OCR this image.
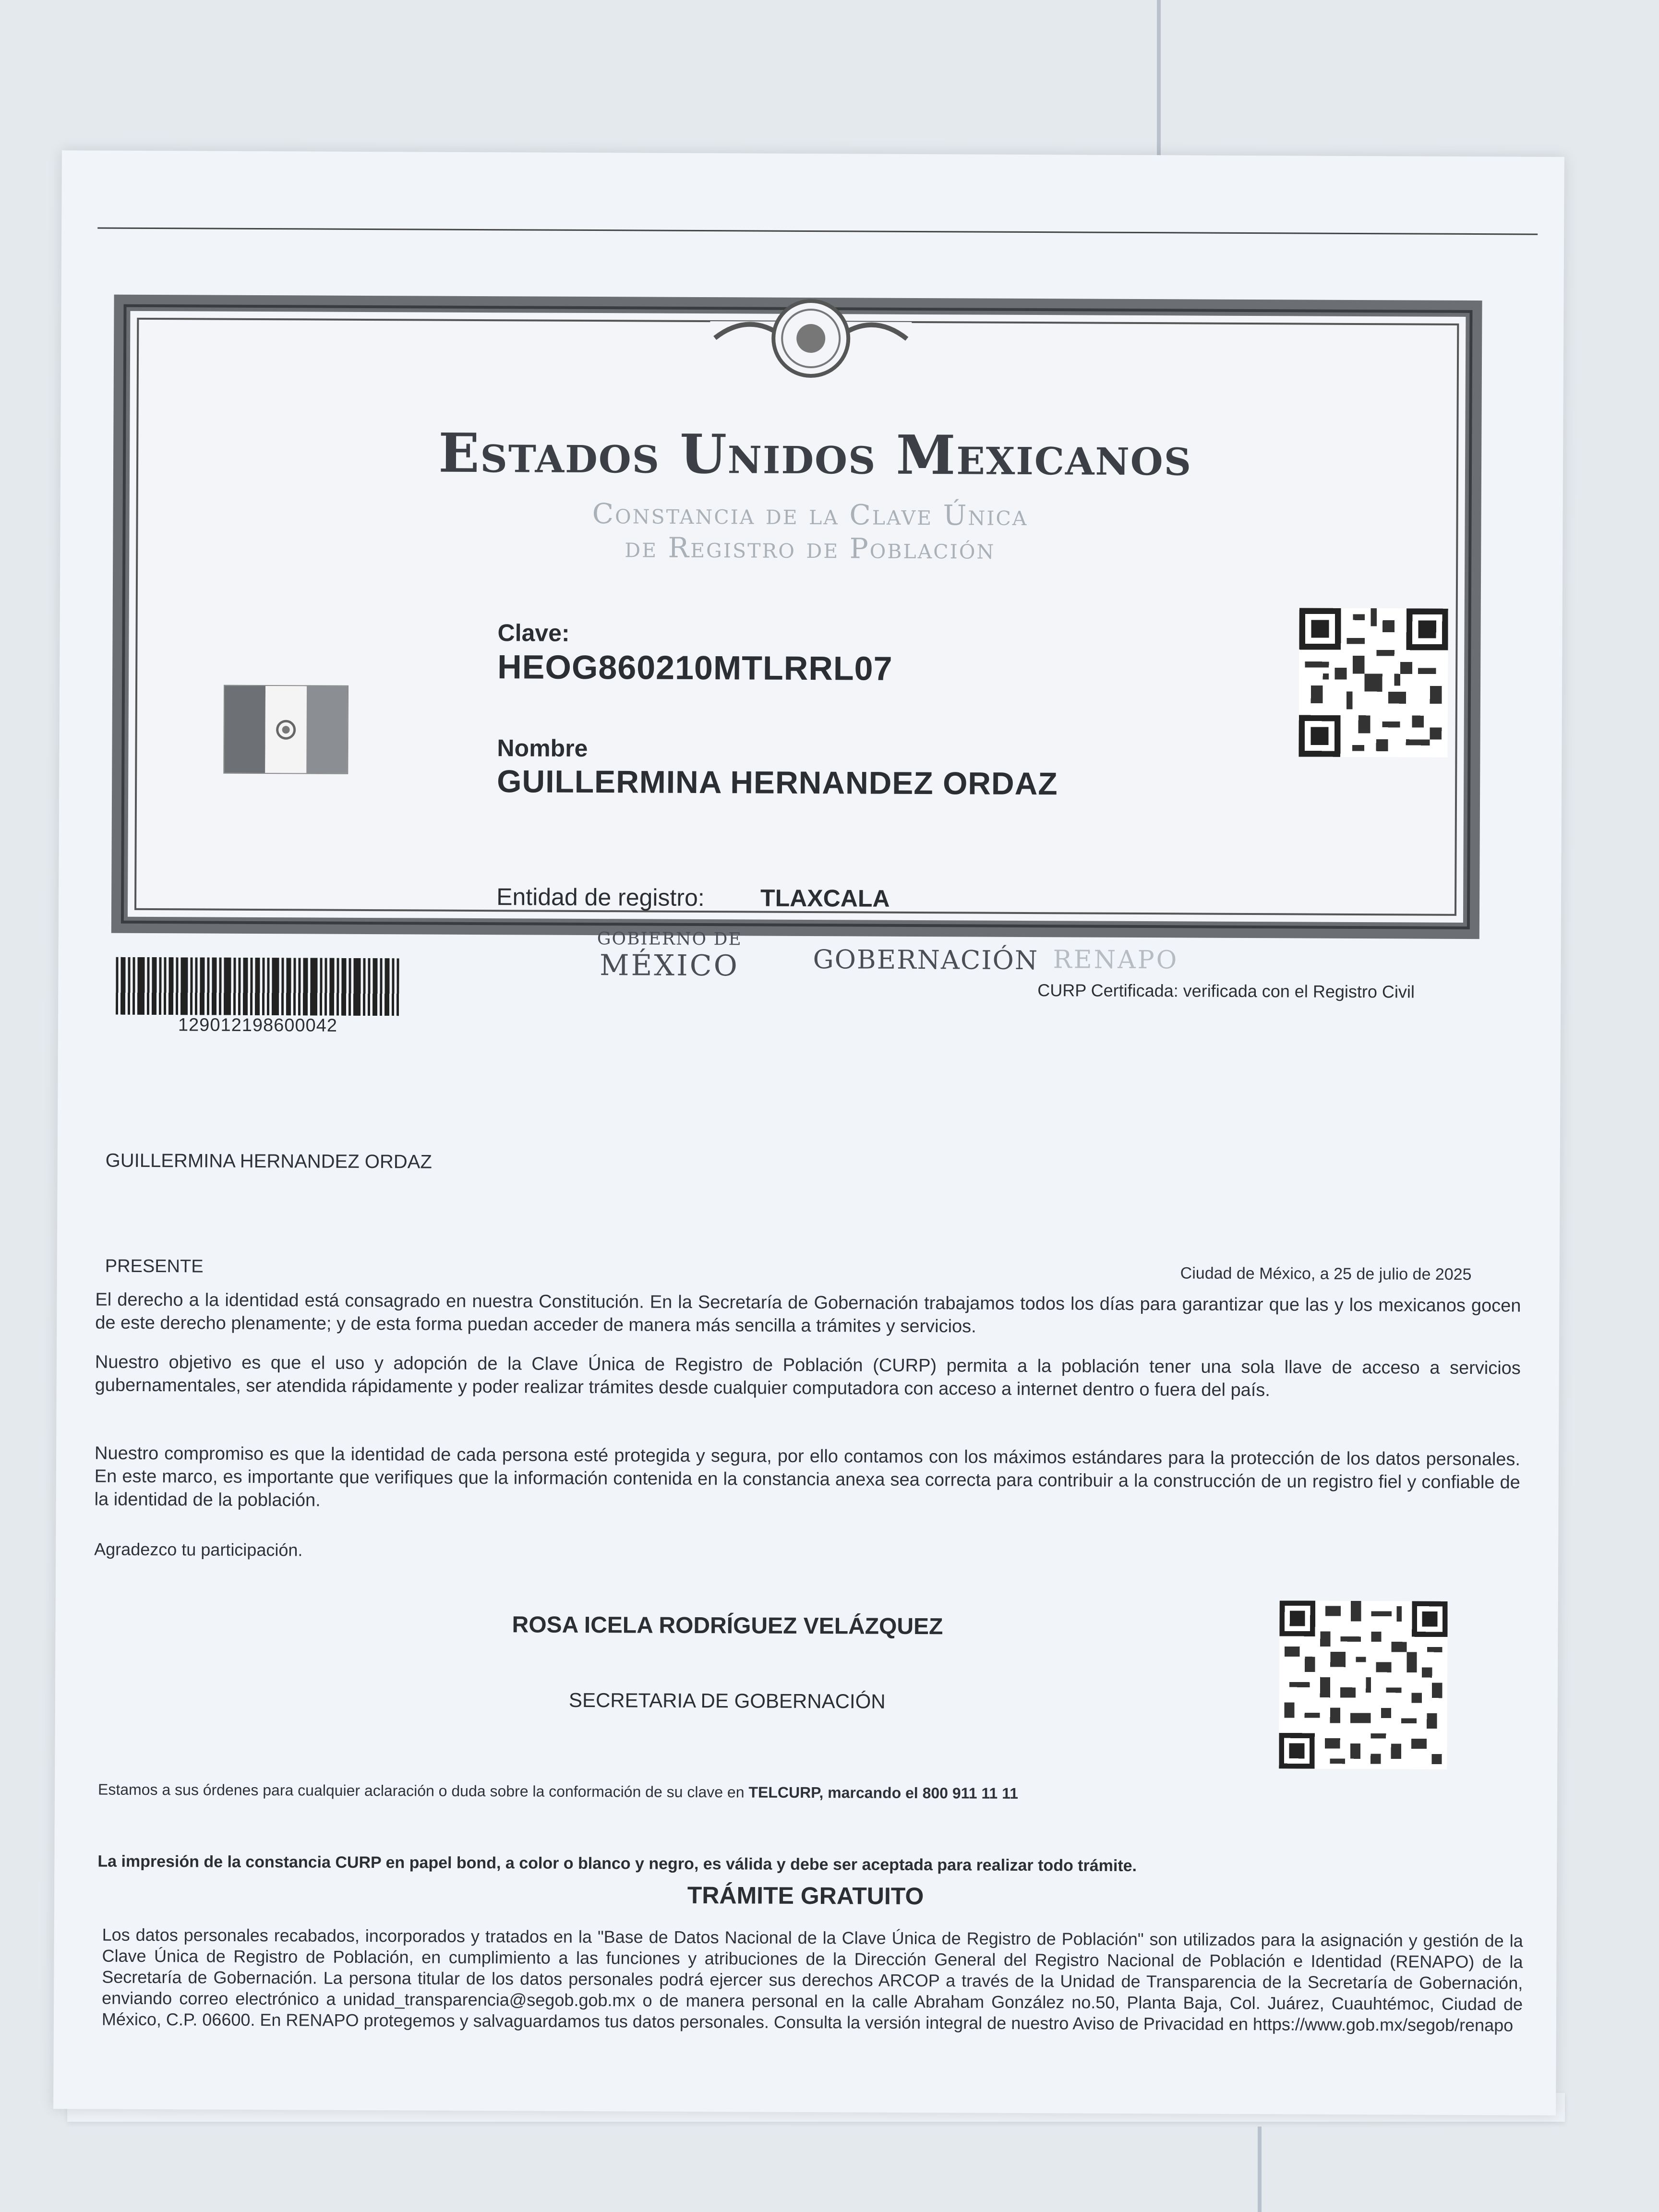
Estados Unidos Mexicanos
Constancia de la Clave Única
de Registro de Población
Clave:
HEOG860210MTLRRL07
Nombre
GUILLERMINA HERNANDEZ ORDAZ
Entidad de registro: TLAXCALA
GOBIERNO DE
MÉXICO	GOBERNACIÓN RENAPO
129012198600042
CURP Certificada: verificada con el Registro Civil
GUILLERMINA HERNANDEZ ORDAZ
PRESENTE	Ciudad de México, a 25 de julio de 2025
El derecho a la identidad está consagrado en nuestra Constitución. En la Secretaría de Gobernación trabajamos todos los días para garantizar que las y los mexicanos gocen de este derecho plenamente; y de esta forma puedan acceder de manera más sencilla a trámites y servicios.
Nuestro objetivo es que el uso y adopción de la Clave Única de Registro de Población (CURP) permita a la población tener una sola llave de acceso a servicios gubernamentales, ser atendida rápidamente y poder realizar trámites desde cualquier computadora con acceso a internet dentro o fuera del país.
Nuestro compromiso es que la identidad de cada persona esté protegida y segura, por ello contamos con los máximos estándares para la protección de los datos personales. En este marco, es importante que verifiques que la información contenida en la constancia anexa sea correcta para contribuir a la construcción de un registro fiel y confiable de la identidad de la población.
Agradezco tu participación.
ROSA ICELA RODRÍGUEZ VELÁZQUEZ
SECRETARIA DE GOBERNACIÓN
Estamos a sus órdenes para cualquier aclaración o duda sobre la conformación de su clave en TELCURP, marcando el 800 911 11 11
La impresión de la constancia CURP en papel bond, a color o blanco y negro, es válida y debe ser aceptada para realizar todo trámite.
TRÁMITE GRATUITO
Los datos personales recabados, incorporados y tratados en la "Base de Datos Nacional de la Clave Única de Registro de Población" son utilizados para la asignación y gestión de la Clave Única de Registro de Población, en cumplimiento a las funciones y atribuciones de la Dirección General del Registro Nacional de Población e Identidad (RENAPO) de la Secretaría de Gobernación. La persona titular de los datos personales podrá ejercer sus derechos ARCOP a través de la Unidad de Transparencia de la Secretaría de Gobernación, enviando correo electrónico a unidad_transparencia@segob.gob.mx o de manera personal en la calle Abraham González no.50, Planta Baja, Col. Juárez, Cuauhtémoc, Ciudad de México, C.P. 06600. En RENAPO protegemos y salvaguardamos tus datos personales. Consulta la versión integral de nuestro Aviso de Privacidad en https://www.gob.mx/segob/renapo
